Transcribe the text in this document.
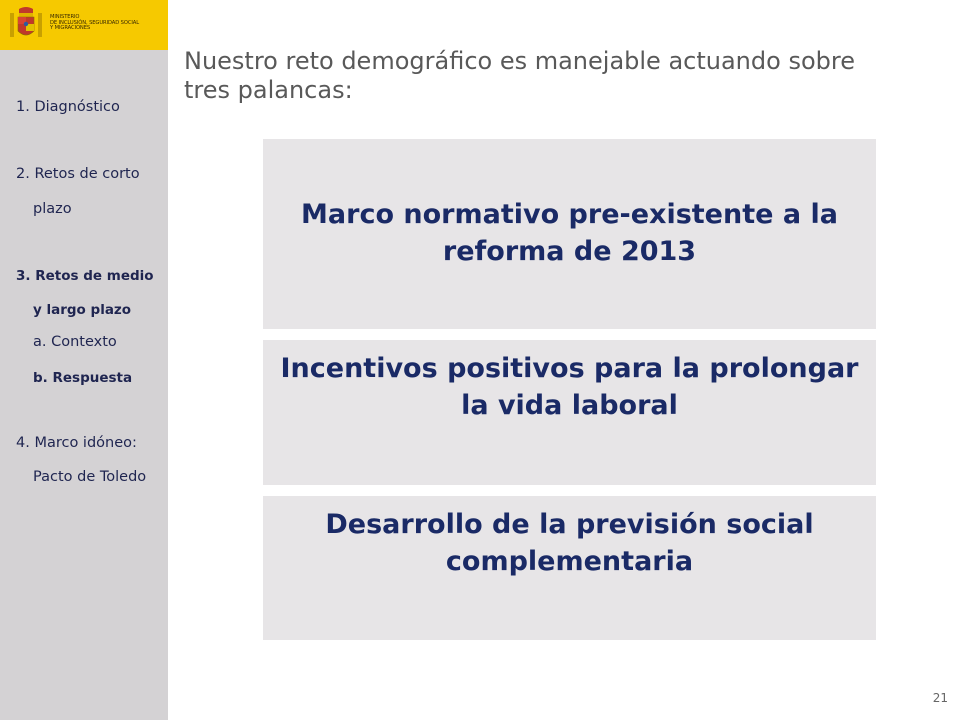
MINISTERIO
DE INCLUSIÓN, SEGURIDAD SOCIAL
Y MIGRACIONES
1. Diagnóstico
2. Retos de corto
plazo
3. Retos de medio
y largo plazo
a. Contexto
b. Respuesta
4. Marco idóneo:
Pacto de Toledo
Nuestro reto demográfico es manejable actuando sobre
tres palancas:
Marco normativo pre-existente a la
reforma de 2013
Incentivos positivos para la prolongar
la vida laboral
Desarrollo de la previsión social
complementaria
21
